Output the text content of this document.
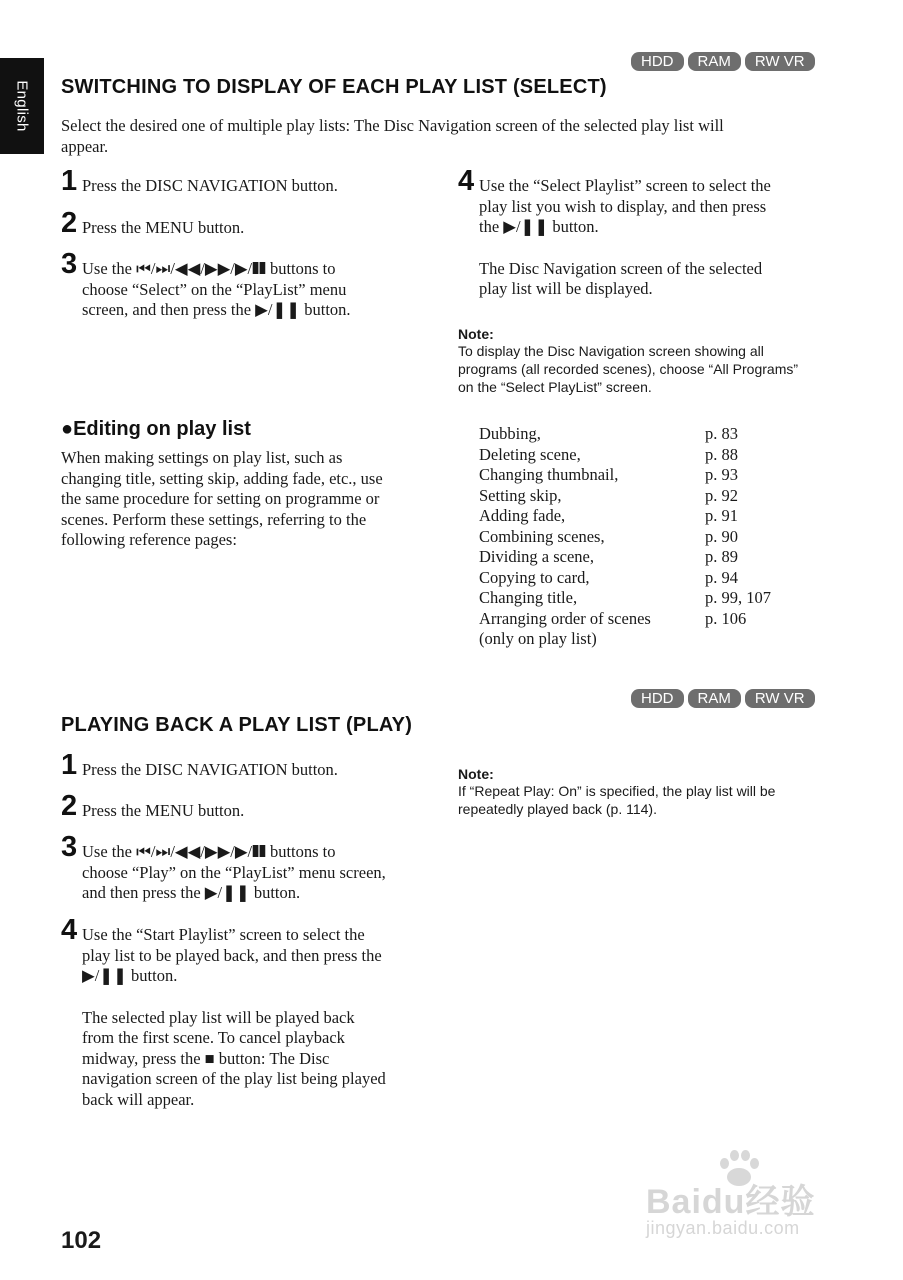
English
HDD	RAM	RW VR
SWITCHING TO DISPLAY OF EACH PLAY LIST (SELECT)
Select the desired one of multiple play lists: The Disc Navigation screen of the selected play list will
appear.
1 Press the DISC NAVIGATION button.
2 Press the MENU button.
3 Use the ⏮/⏭/◀◀/▶▶/▶/❚❚ buttons to
choose “Select” on the “PlayList” menu
screen, and then press the ▶/❚❚ button.
4 Use the “Select Playlist” screen to select the
play list you wish to display, and then press
the ▶/❚❚ button.
The Disc Navigation screen of the selected
play list will be displayed.
Note:
To display the Disc Navigation screen showing all
programs (all recorded scenes), choose “All Programs”
on the “Select PlayList” screen.
●Editing on play list
When making settings on play list, such as
changing title, setting skip, adding fade, etc., use
the same procedure for setting on programme or
scenes. Perform these settings, referring to the
following reference pages:
Dubbing,	p. 83
Deleting scene,	p. 88
Changing thumbnail,	p. 93
Setting skip,	p. 92
Adding fade,	p. 91
Combining scenes,	p. 90
Dividing a scene,	p. 89
Copying to card,	p. 94
Changing title,	p. 99, 107
Arranging order of scenes	p. 106
(only on play list)
HDD	RAM	RW VR
PLAYING BACK A PLAY LIST (PLAY)
1 Press the DISC NAVIGATION button.
2 Press the MENU button.
3 Use the ⏮/⏭/◀◀/▶▶/▶/❚❚ buttons to
choose “Play” on the “PlayList” menu screen,
and then press the ▶/❚❚ button.
4 Use the “Start Playlist” screen to select the
play list to be played back, and then press the
▶/❚❚ button.
The selected play list will be played back
from the first scene. To cancel playback
midway, press the ■ button: The Disc
navigation screen of the play list being played
back will appear.
Note:
If “Repeat Play: On” is specified, the play list will be
repeatedly played back (p. 114).
102
Baidu经验
jingyan.baidu.com
